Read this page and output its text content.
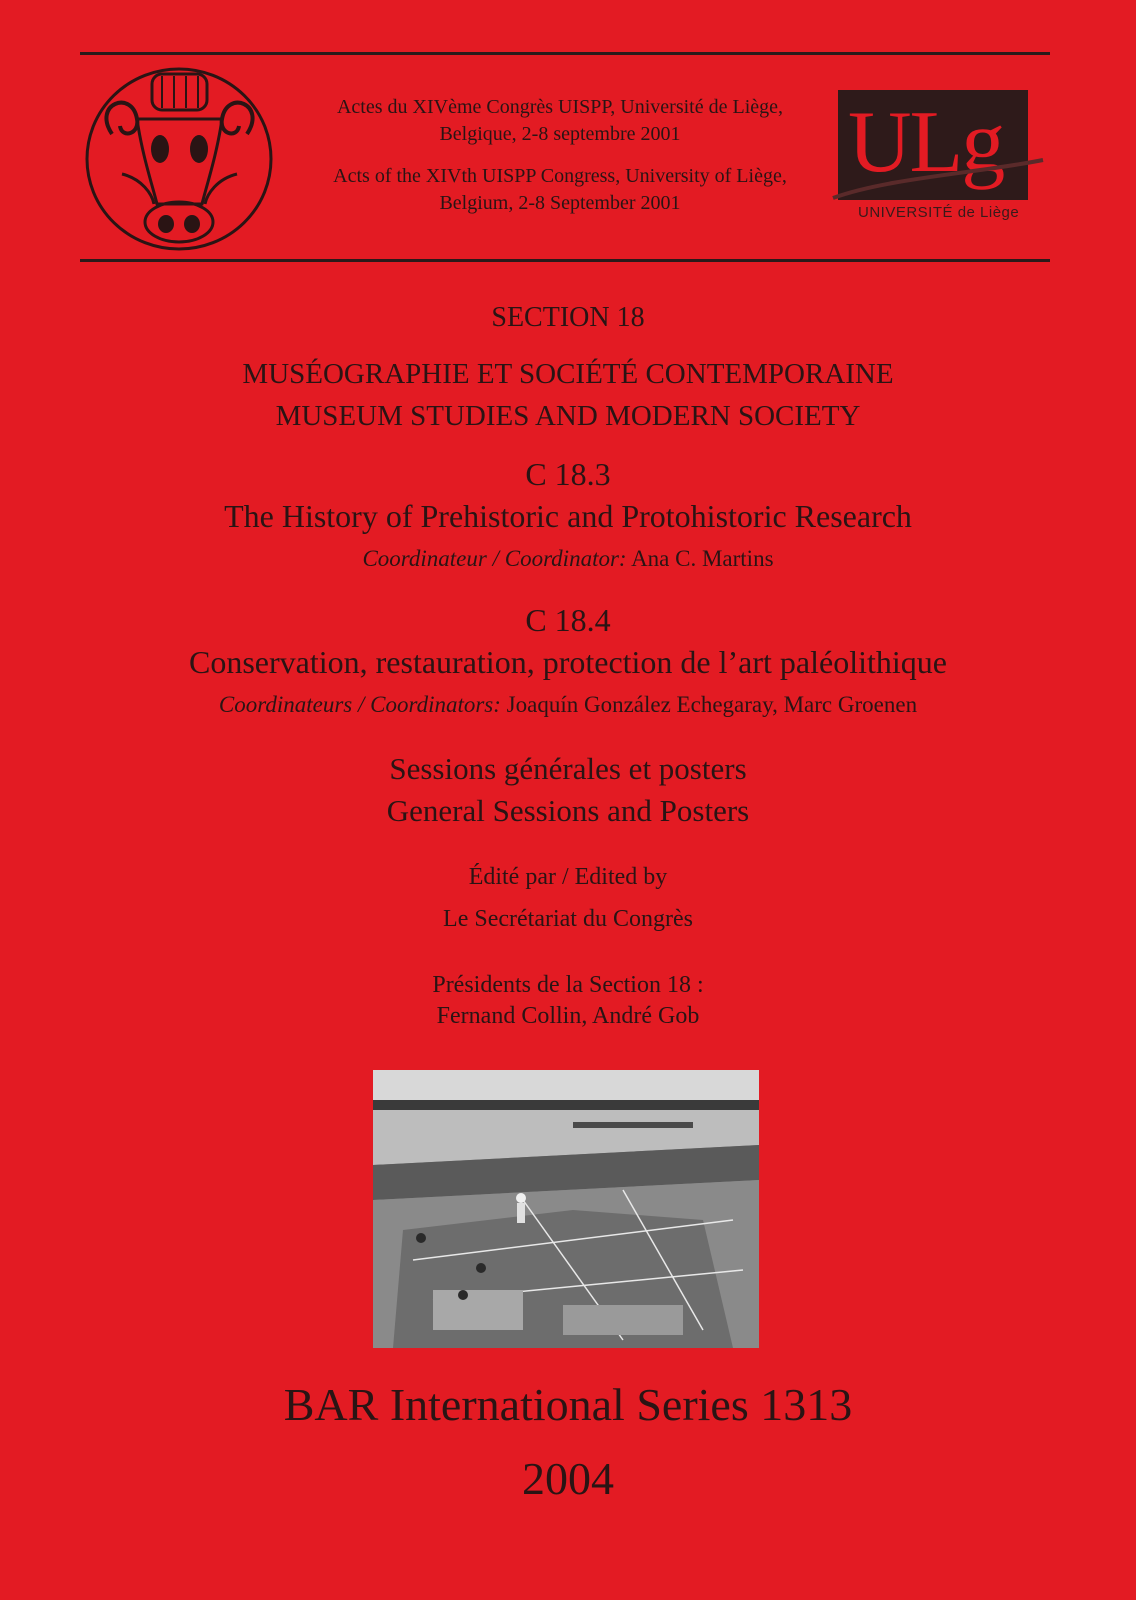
Actes du XIVème Congrès UISPP, Université de Liège,
Belgique, 2-8 septembre 2001

Acts of the XIVth UISPP Congress, University of Liège,
Belgium, 2-8 September 2001

ULg
UNIVERSITÉ de Liège
SECTION 18
MUSÉOGRAPHIE ET SOCIÉTÉ CONTEMPORAINE
MUSEUM STUDIES AND MODERN SOCIETY
C 18.3
The History of Prehistoric and Protohistoric Research
Coordinateur / Coordinator: Ana C. Martins
C 18.4
Conservation, restauration, protection de l’art paléolithique
Coordinateurs / Coordinators: Joaquín González Echegaray, Marc Groenen
Sessions générales et posters
General Sessions and Posters
Édité par / Edited by
Le Secrétariat du Congrès
Présidents de la Section 18 :
Fernand Collin, André Gob
BAR International Series 1313
2004
